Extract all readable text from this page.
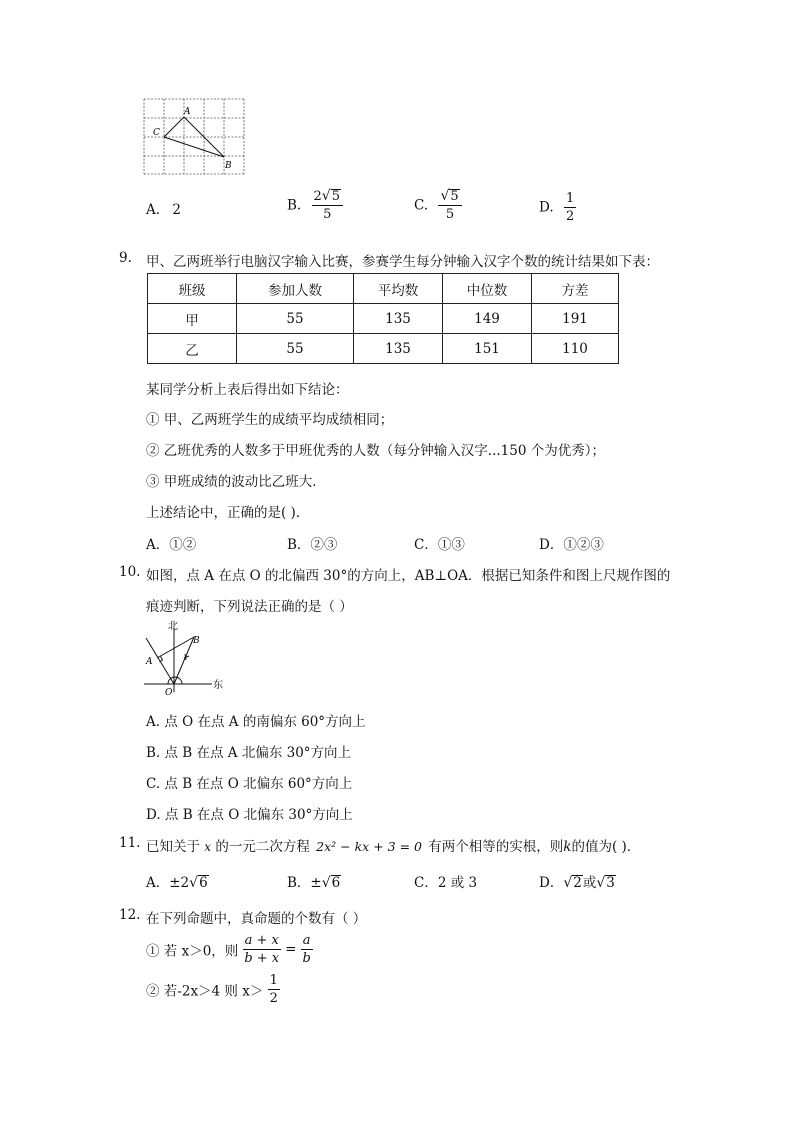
A
C
B
A. 2	B. $\frac{2√5}{5}$	C. $\frac{√5}{5}$	D. $\frac{1}{2}$
9. 甲、乙两班举行电脑汉字输入比赛，参赛学生每分钟输入汉字个数的统计结果如下表：
班级	参加人数	平均数	中位数	方差
甲	55	135	149	191
乙	55	135	151	110
某同学分析上表后得出如下结论：
① 甲、乙两班学生的成绩平均成绩相同；
② 乙班优秀的人数多于甲班优秀的人数（每分钟输入汉字...150 个为优秀）；
③ 甲班成绩的波动比乙班大．
上述结论中，正确的是( )．
A．①②	B．②③	C．①③	D．①②③
10. 如图，点 A 在点 O 的北偏西 30°的方向上，AB⊥OA．根据已知条件和图上尺规作图的
痕迹判断，下列说法正确的是（ ）
北
东
A
B
O
A. 点 O 在点 A 的南偏东 60°方向上
B. 点 B 在点 A 北偏东 30°方向上
C. 点 B 在点 O 北偏东 60°方向上
D. 点 B 在点 O 北偏东 30°方向上
11. 已知关于 x 的一元二次方程 2x² − kx + 3 = 0 有两个相等的实根，则k的值为( )．
A．±2√6	B．±√6	C．2 或 3	D．√2或√3
12. 在下列命题中，真命题的个数有（ ）
① 若 x＞0，则 $\frac{a + x}{b + x} = \frac{a}{b}$
② 若-2x＞4 则 $x> \frac{1}{2}$
